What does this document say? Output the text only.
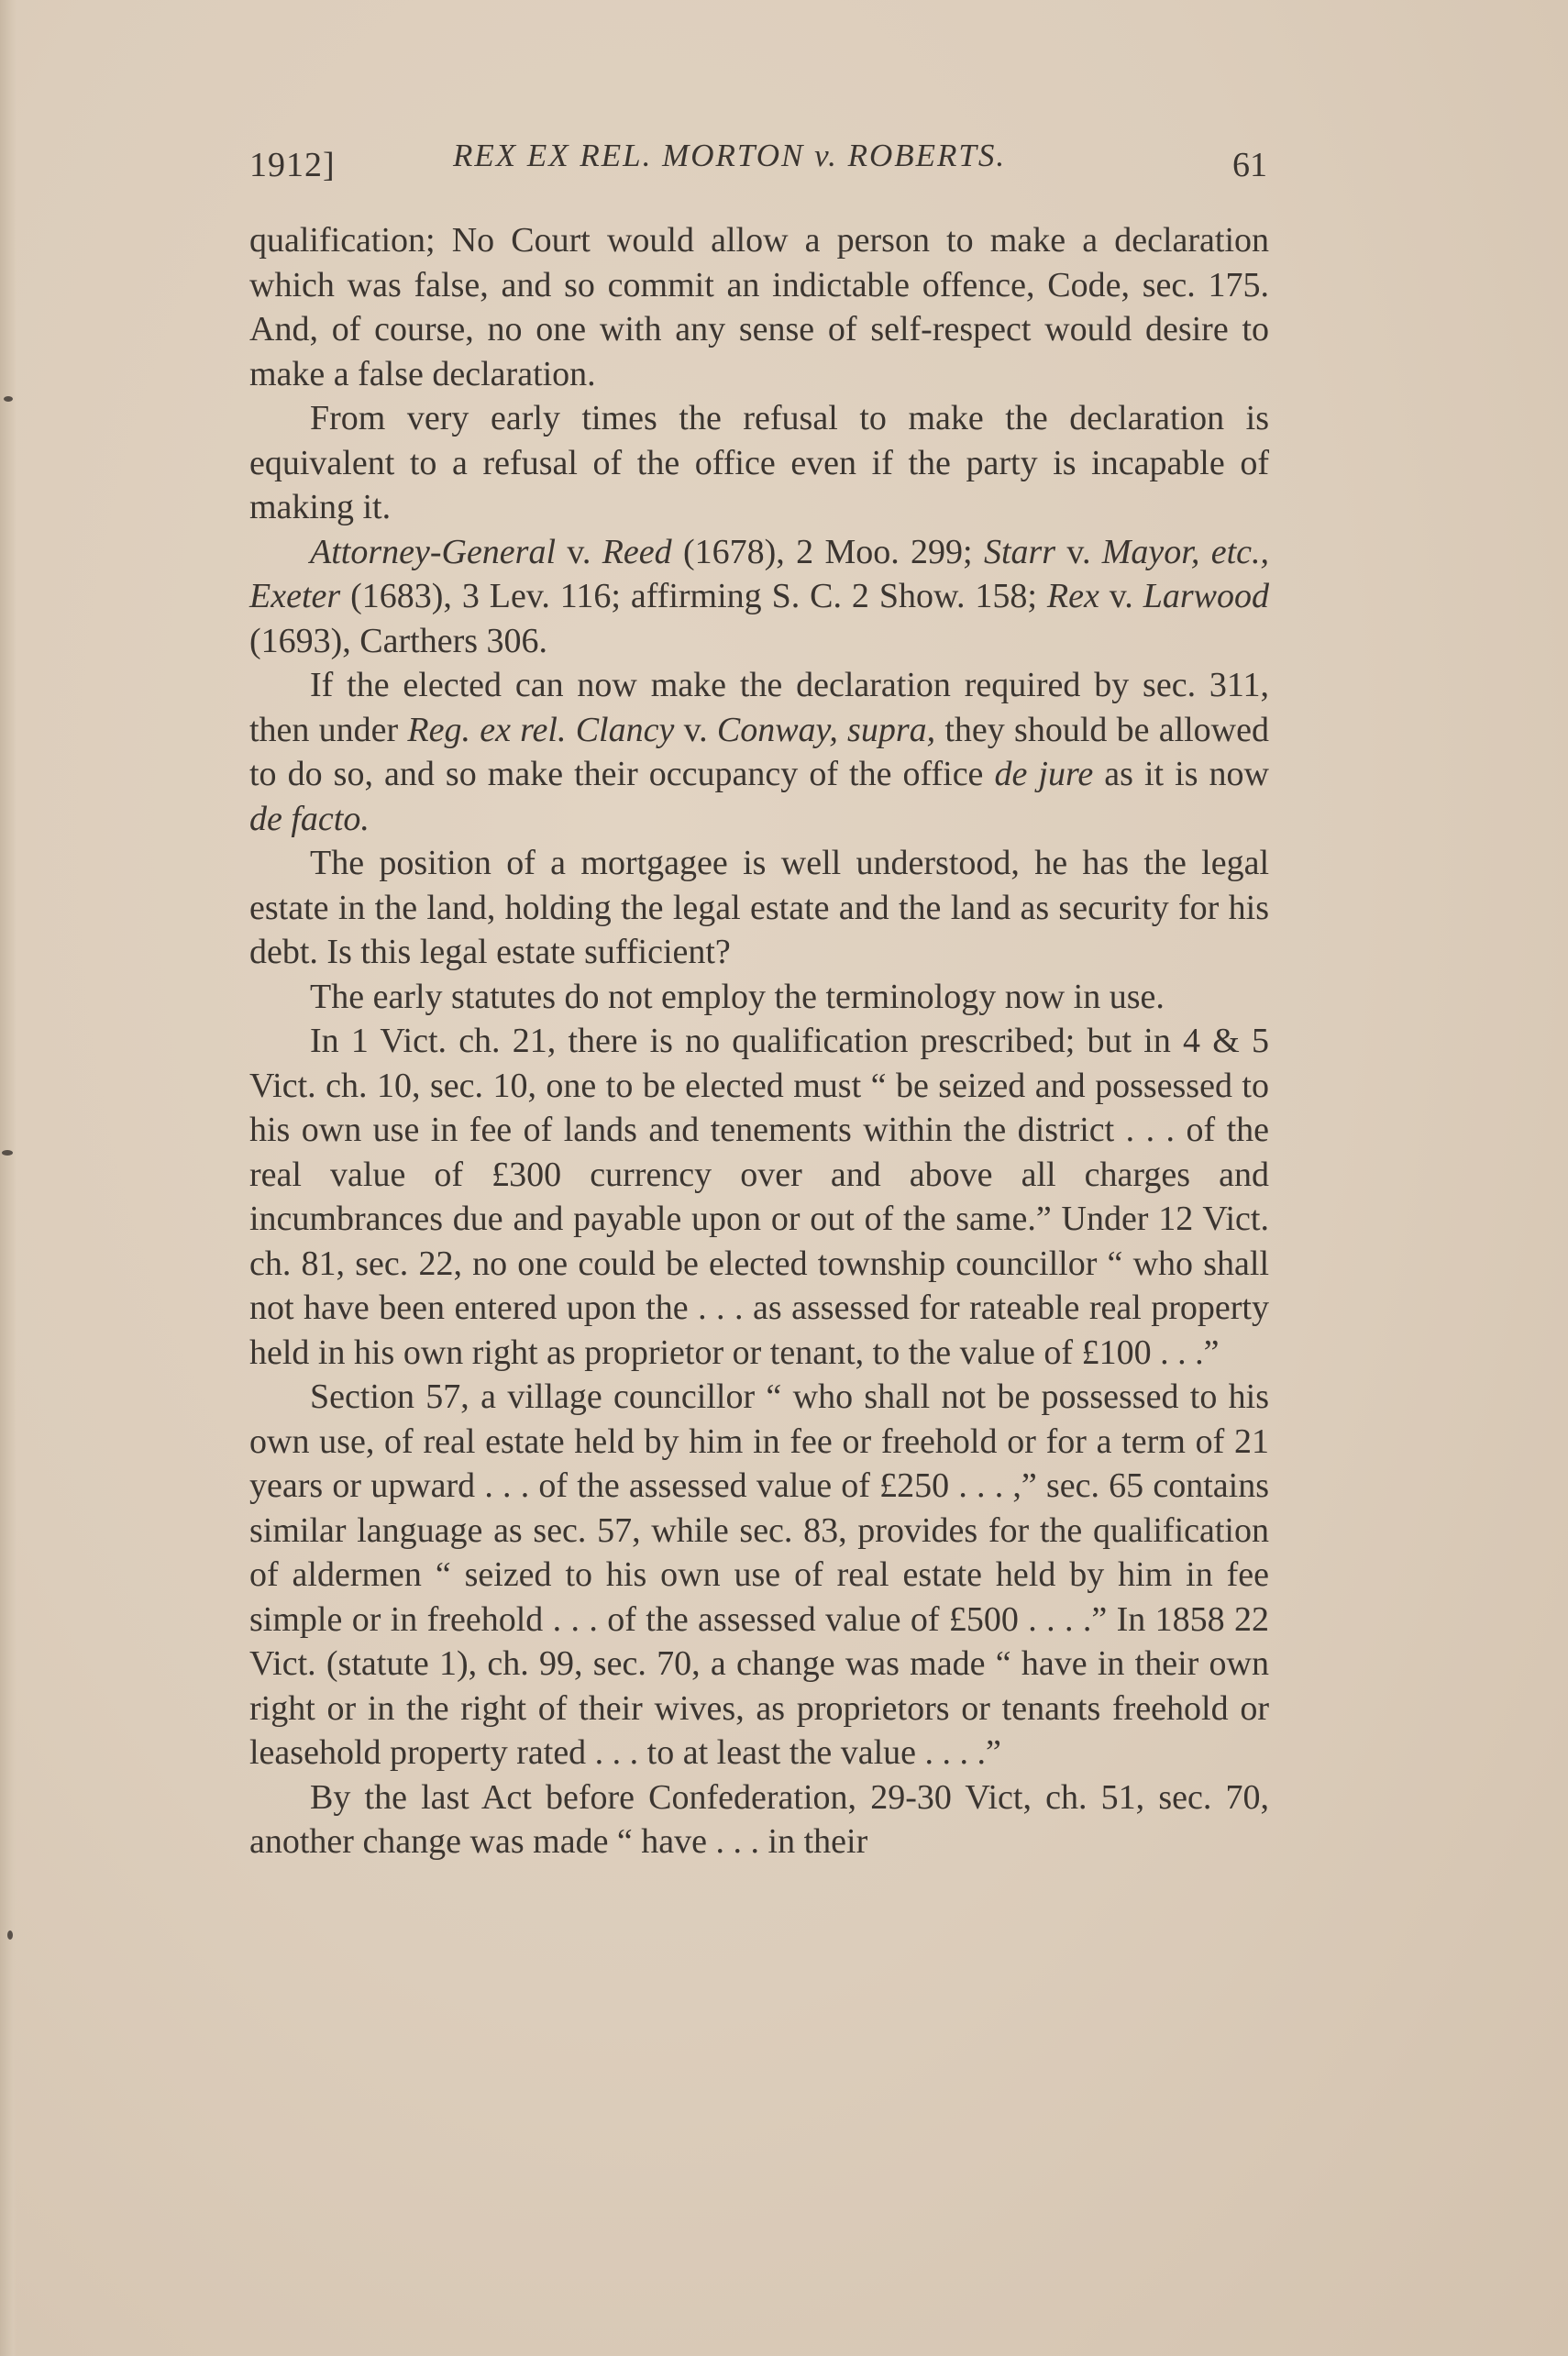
1912]	REX EX REL. MORTON v. ROBERTS.	61

qualification; No Court would allow a person to make a declaration which was false, and so commit an indictable offence, Code, sec. 175. And, of course, no one with any sense of self-respect would desire to make a false declaration.

From very early times the refusal to make the declaration is equivalent to a refusal of the office even if the party is incapable of making it.

Attorney-General v. Reed (1678), 2 Moo. 299; Starr v. Mayor, etc., Exeter (1683), 3 Lev. 116; affirming S. C. 2 Show. 158; Rex v. Larwood (1693), Carthers 306.

If the elected can now make the declaration required by sec. 311, then under Reg. ex rel. Clancy v. Conway, supra, they should be allowed to do so, and so make their occupancy of the office de jure as it is now de facto.

The position of a mortgagee is well understood, he has the legal estate in the land, holding the legal estate and the land as security for his debt. Is this legal estate sufficient?

The early statutes do not employ the terminology now in use.

In 1 Vict. ch. 21, there is no qualification prescribed; but in 4 & 5 Vict. ch. 10, sec. 10, one to be elected must “ be seized and possessed to his own use in fee of lands and tenements within the district . . . of the real value of £300 currency over and above all charges and incumbrances due and payable upon or out of the same.” Under 12 Vict. ch. 81, sec. 22, no one could be elected township councillor “ who shall not have been entered upon the . . . as assessed for rateable real property held in his own right as proprietor or tenant, to the value of £100 . . .”

Section 57, a village councillor “ who shall not be possessed to his own use, of real estate held by him in fee or freehold or for a term of 21 years or upward . . . of the assessed value of £250 . . . ,” sec. 65 contains similar language as sec. 57, while sec. 83, provides for the qualification of aldermen “ seized to his own use of real estate held by him in fee simple or in freehold . . . of the assessed value of £500 . . . .” In 1858 22 Vict. (statute 1), ch. 99, sec. 70, a change was made “ have in their own right or in the right of their wives, as proprietors or tenants freehold or leasehold property rated . . . to at least the value . . . .”

By the last Act before Confederation, 29-30 Vict, ch. 51, sec. 70, another change was made “ have . . . in their
